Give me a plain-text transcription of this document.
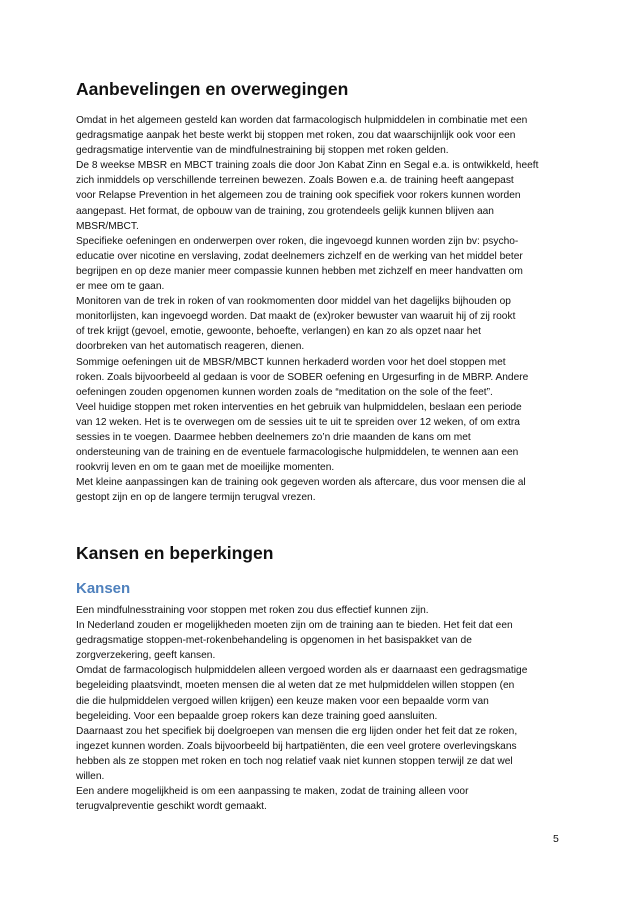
Aanbevelingen en overwegingen
Omdat in het algemeen gesteld kan worden dat farmacologisch hulpmiddelen in combinatie met een
gedragsmatige aanpak het beste werkt bij stoppen met roken, zou dat waarschijnlijk ook voor een
gedragsmatige interventie van de mindfulnestraining bij stoppen met roken gelden.
De 8 weekse MBSR en MBCT training zoals die door Jon Kabat Zinn en Segal e.a. is ontwikkeld, heeft
zich inmiddels op verschillende terreinen bewezen. Zoals Bowen e.a. de training heeft aangepast
voor Relapse Prevention in het algemeen zou de training ook specifiek voor rokers kunnen worden
aangepast. Het format, de opbouw van de training, zou grotendeels gelijk kunnen blijven aan
MBSR/MBCT.
Specifieke oefeningen en onderwerpen over roken, die ingevoegd kunnen worden zijn bv: psycho-
educatie over nicotine en verslaving, zodat deelnemers zichzelf en de werking van het middel beter
begrijpen en op deze manier meer compassie kunnen hebben met zichzelf en meer handvatten om
er mee om te gaan.
Monitoren van de trek in roken of van rookmomenten door middel van het dagelijks bijhouden op
monitorlijsten, kan ingevoegd worden. Dat maakt de (ex)roker bewuster van waaruit hij of zij rookt
of trek krijgt (gevoel, emotie, gewoonte, behoefte, verlangen) en kan zo als opzet naar het
doorbreken van het automatisch reageren, dienen.
Sommige oefeningen uit de MBSR/MBCT kunnen herkaderd worden voor het doel stoppen met
roken. Zoals bijvoorbeeld al gedaan is voor de SOBER oefening en Urgesurfing in de MBRP. Andere
oefeningen zouden opgenomen kunnen worden zoals de “meditation on the sole of the feet”.
Veel huidige stoppen met roken interventies en het gebruik van hulpmiddelen, beslaan een periode
van 12 weken. Het is te overwegen om de sessies uit te uit te spreiden over 12 weken, of om extra
sessies in te voegen. Daarmee hebben deelnemers zo’n drie maanden de kans om met
ondersteuning van de training en de eventuele farmacologische hulpmiddelen, te wennen aan een
rookvrij leven en om te gaan met de moeilijke momenten.
Met kleine aanpassingen kan de training ook gegeven worden als aftercare, dus voor mensen die al
gestopt zijn en op de langere termijn terugval vrezen.
Kansen en beperkingen
Kansen
Een mindfulnesstraining voor stoppen met roken zou dus effectief kunnen zijn.
In Nederland zouden er mogelijkheden moeten zijn om de training aan te bieden. Het feit dat een
gedragsmatige stoppen-met-rokenbehandeling is opgenomen in het basispakket van de
zorgverzekering, geeft kansen.
Omdat de farmacologisch hulpmiddelen alleen vergoed worden als er daarnaast een gedragsmatige
begeleiding plaatsvindt, moeten mensen die al weten dat ze met hulpmiddelen willen stoppen (en
die die hulpmiddelen vergoed willen krijgen) een keuze maken voor een bepaalde vorm van
begeleiding. Voor een bepaalde groep rokers kan deze training goed aansluiten.
Daarnaast zou het specifiek bij doelgroepen van mensen die erg lijden onder het feit dat ze roken,
ingezet kunnen worden. Zoals bijvoorbeeld bij hartpatiënten, die een veel grotere overlevingskans
hebben als ze stoppen met roken en toch nog relatief vaak niet kunnen stoppen terwijl ze dat wel
willen.
Een andere mogelijkheid is om een aanpassing te maken, zodat de training alleen voor
terugvalpreventie geschikt wordt gemaakt.
5
